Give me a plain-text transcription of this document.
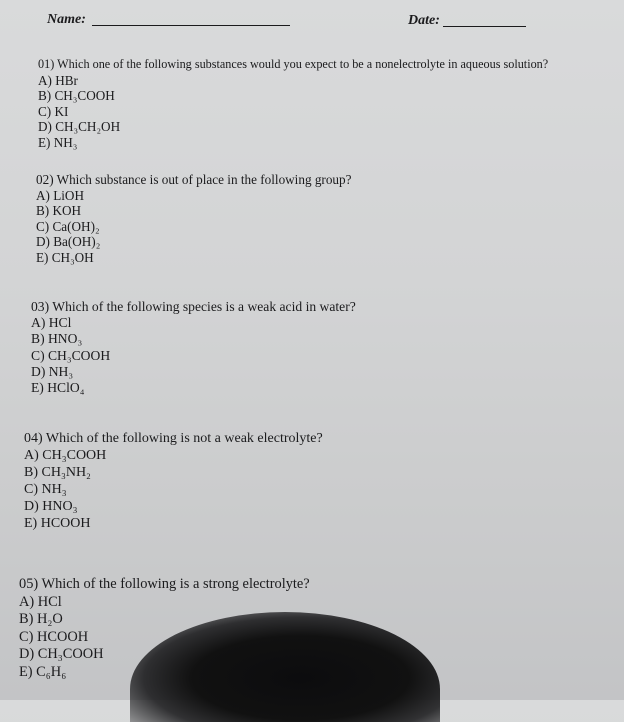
Name:	Date:
01) Which one of the following substances would you expect to be a nonelectrolyte in aqueous solution?
A) HBr
B) CH₃COOH
C) KI
D) CH₃CH₂OH
E) NH₃
02) Which substance is out of place in the following group?
A) LiOH
B) KOH
C) Ca(OH)₂
D) Ba(OH)₂
E) CH₃OH
03) Which of the following species is a weak acid in water?
A) HCl
B) HNO₃
C) CH₃COOH
D) NH₃
E) HClO₄
04) Which of the following is not a weak electrolyte?
A) CH₃COOH
B) CH₃NH₂
C) NH₃
D) HNO₃
E) HCOOH
05) Which of the following is a strong electrolyte?
A) HCl
B) H₂O
C) HCOOH
D) CH₃COOH
E) C₆H₆
